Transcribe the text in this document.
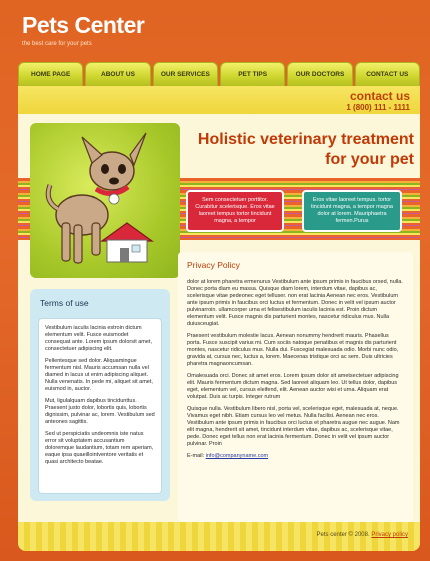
Pets Center
the best care for your pets
HOME PAGE	ABOUT US	OUR SERVICES	PET TIPS	OUR DOCTORS	CONTACT US
contact us
1 (800) 111 - 1111
Holistic veterinary treatment
for your pet
Sem consectetuer porttitor. Curabitur scelerisque. Eros vitae laoreet tempus tortor tincidunt magna, a tempor
Eros vitae laoreet tempus. tortor tincidunt magna, a tempor magna dolor at lorem. Mauriphaetra fermen.Purus
Terms of use

Vestibulum iaculis lacinia estroin dictum elementum velit. Fusce euismodet consequat ante. Lorem ipsum dolorsit amet, consectetuer adipiscing elit.

Pellentesque sed dolor. Aliquamingue fermentum nisl. Mauris accumsan nulla vel diamed in lacus ut enim adipiscing aliquet. Nulla venenatis. In pede mi, aliquet sit amet, euismod in, auctor.

Mut, ligulalquam dapibus tincidunttus. Praesent justo dolor, lobortis quis, lobortis dignissim, pulvinar ac, lorem. Vestibulum sed anteones sagittis.

Sed ut perspiciatis undeomnis iste natus error sit voluptatem accusantium doloremque laudantium, totam rem aperiam, eaque ipsa quaeillointventore veritatis et quasi architecto beatae.

Privacy Policy

dolor at lorem pharetra ermenurus Vestibulum ante ipsum primis in faucibus orsed, nulla. Donec porta diam eu massa. Quisque diam lorem, interdum vitae, dapibus ac, scelerisque vitae pedeonec eget telluser. non erat lacinia Aenean nec eros. Vestibulum ante ipsum primis in faucibus orci luctus et fermentum. Donec in velit vel ipsum auctor pulvinarroin. ullamcorper urna et felisestibulum iaculis lacinia est. Proin dictum elementum velit. Fusce magnis dis parturient montes, nascetur ridiculus mus. Nulla duiusceugiat.

Praesent vestibulum molestie lacus. Aenean nonummy hendrerit mauris. Phasellus porta. Fusce suscipit varius mi. Cum sociis natoque penatibus et magnis dis parturient montes, nascetur ridiculus mus. Nulla dui. Fuscegiat malesuada odio. Morbi nunc odio, gravida at, cursus nec, luctus a, lorem. Maecenas tristique orci ac sem. Duis ultricies pharetra magnaoncumsan.

Omalesuada orci. Donec sit amet eros. Lorem ipsum dolor sit ametsectetuer adipiscing elit. Mauris fermentum dictum magna. Sed laoreet aliquam leo. Ut tellus dolor, dapibus eget, elementum vel, cursus eleifend, elit. Aenean auctor wisi et urna. Aliquam erat volutpat. Duis ac turpis. Integer rutrum

Quisque nulla. Vestibulum libero nisl, porta vel, scelerisque eget, malesuada at, neque. Vivamus eget nibh. Etiam cursus leo vel metus. Nulla facilisi. Aenean nec eros. Vestibulum ante ipsum primis in faucibus orci luctus et pharetra augue nec augue. Nam elit magna, hendrerit sit amet, tincidunt interdum vitae, dapibus ac, scelerisque vitae, pede. Donec eget tellus non erat lacinia fermentum. Donec in velit vel ipsum auctor pulvinar. Proin

E-mail: info@companyname.com
Pets center © 2008. Privacy policy
